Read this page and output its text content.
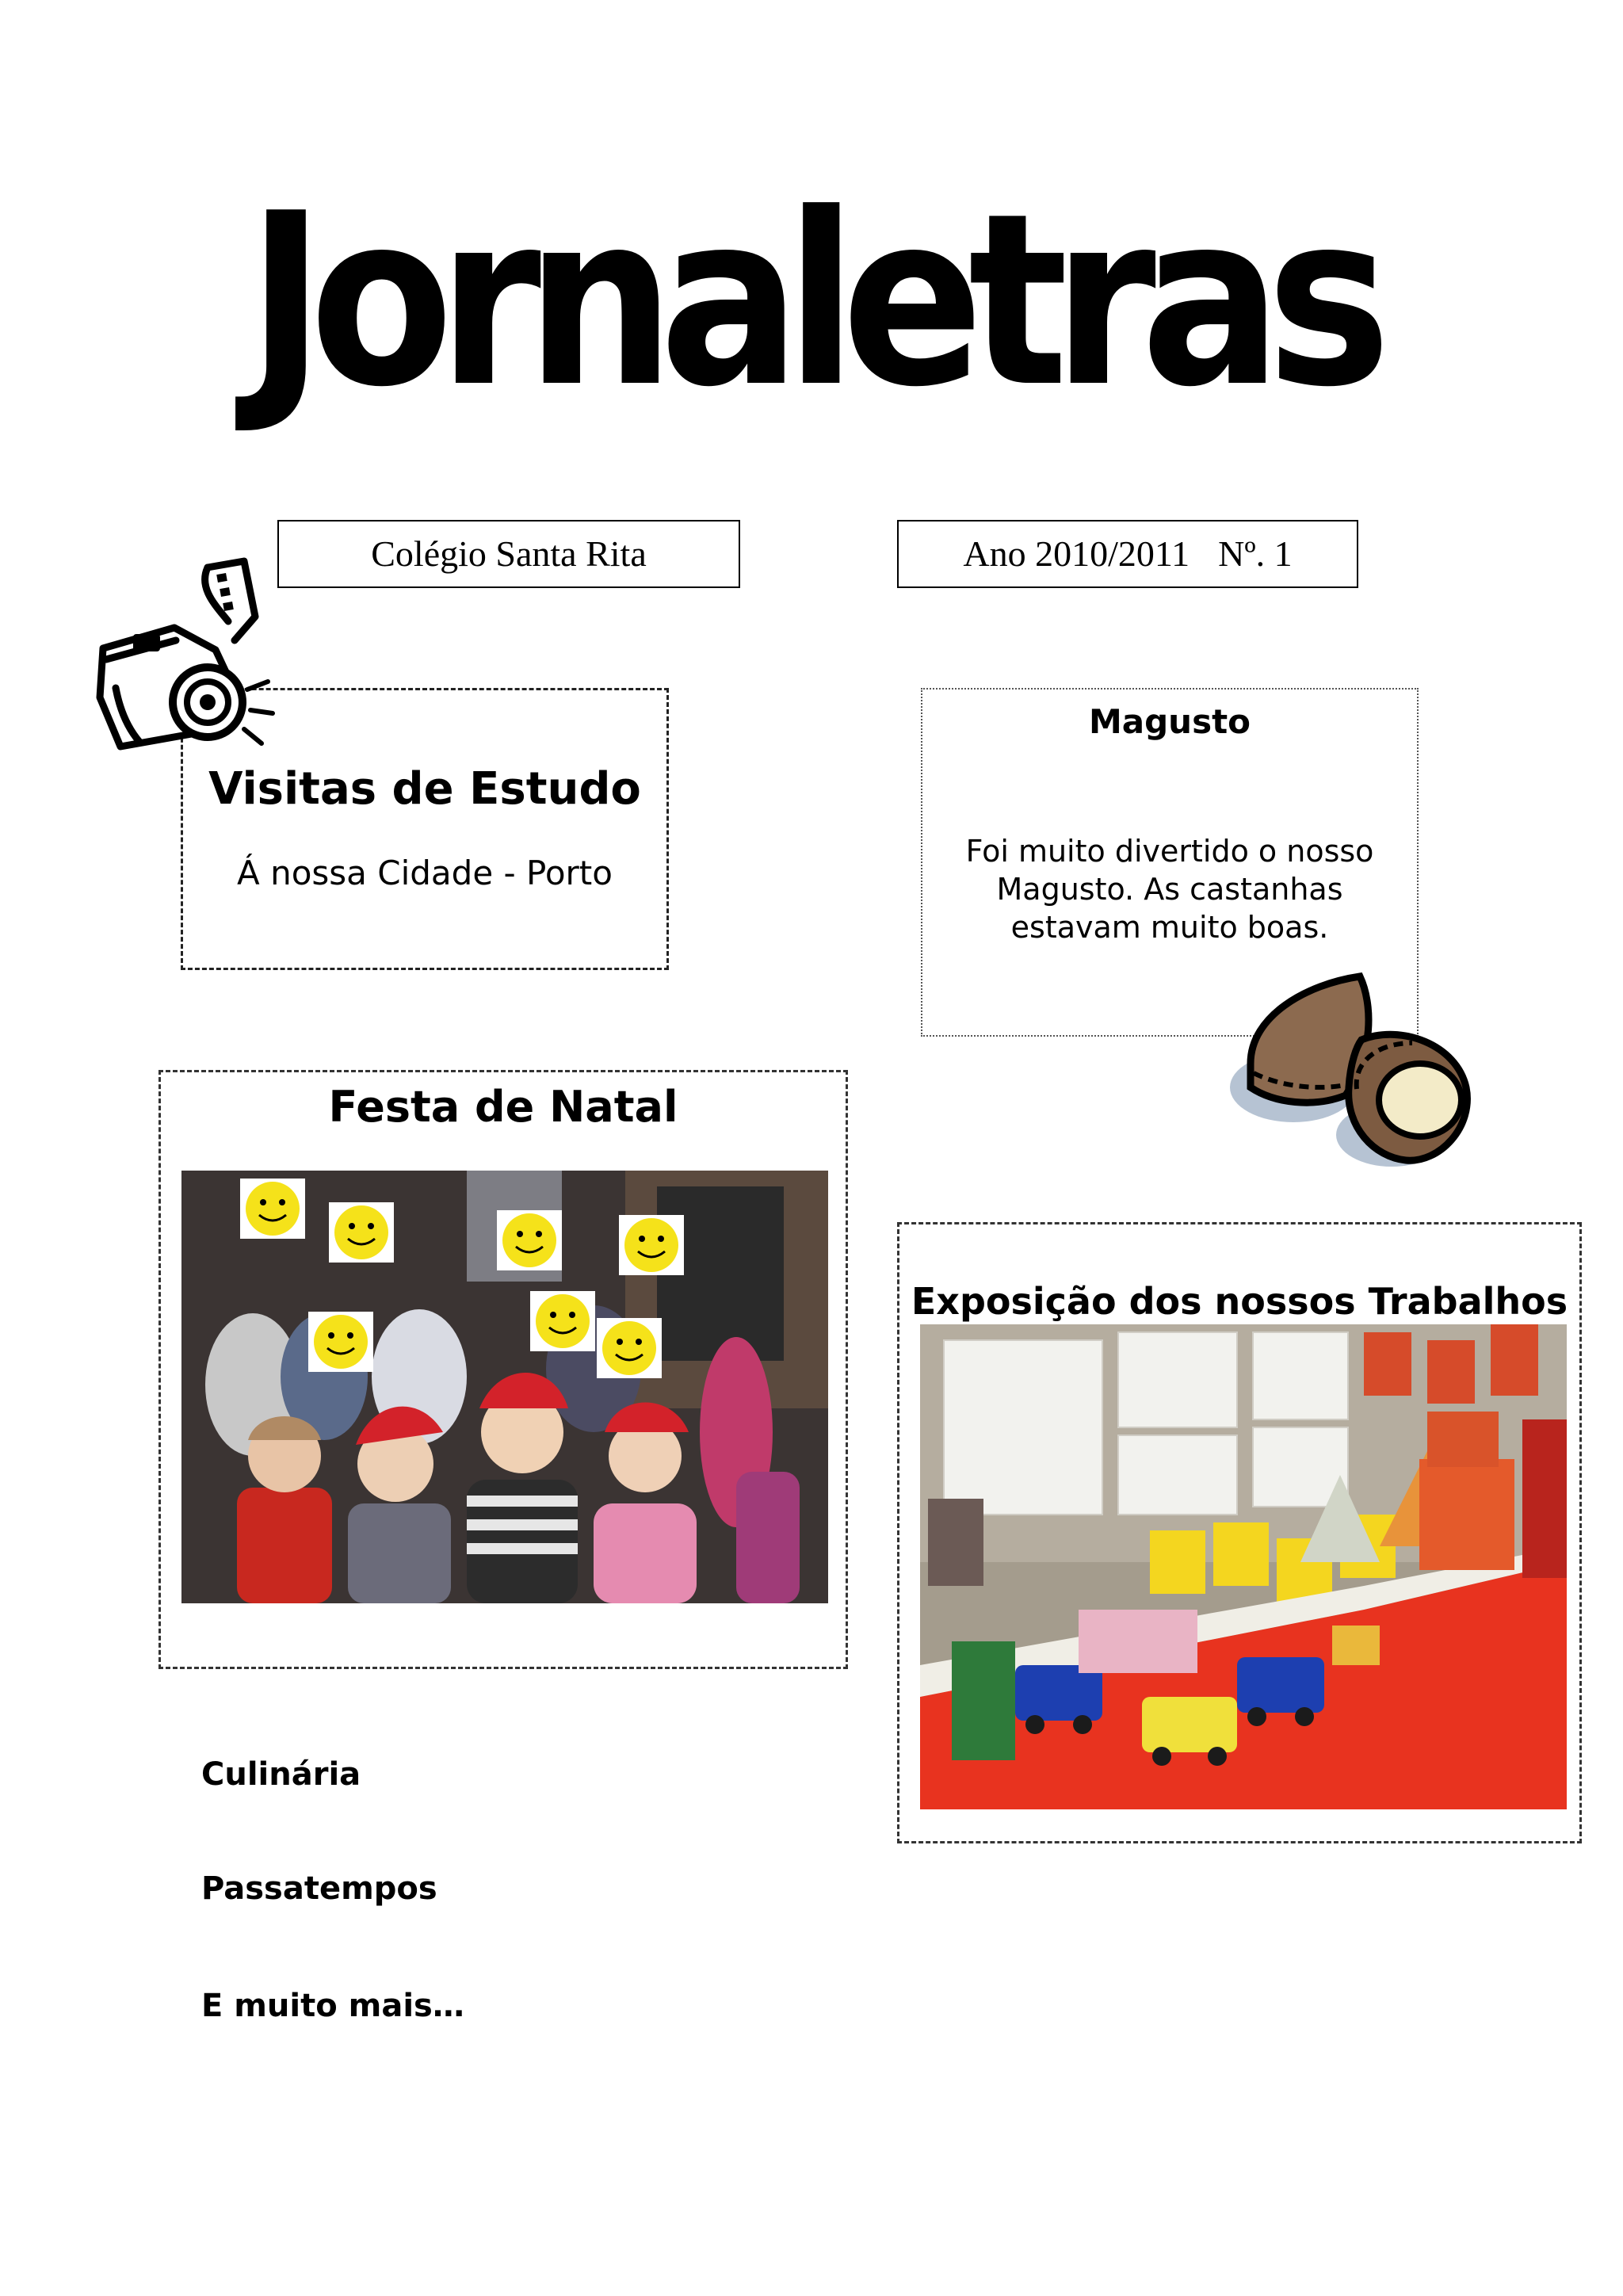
Jornaletras
Colégio Santa Rita	Ano 2010/2011 Nº. 1
Visitas de Estudo
Á nossa Cidade - Porto
Magusto
Foi muito divertido o nosso Magusto. As castanhas estavam muito boas.
Festa de Natal
Exposição dos nossos Trabalhos
Culinária
Passatempos
E muito mais…
